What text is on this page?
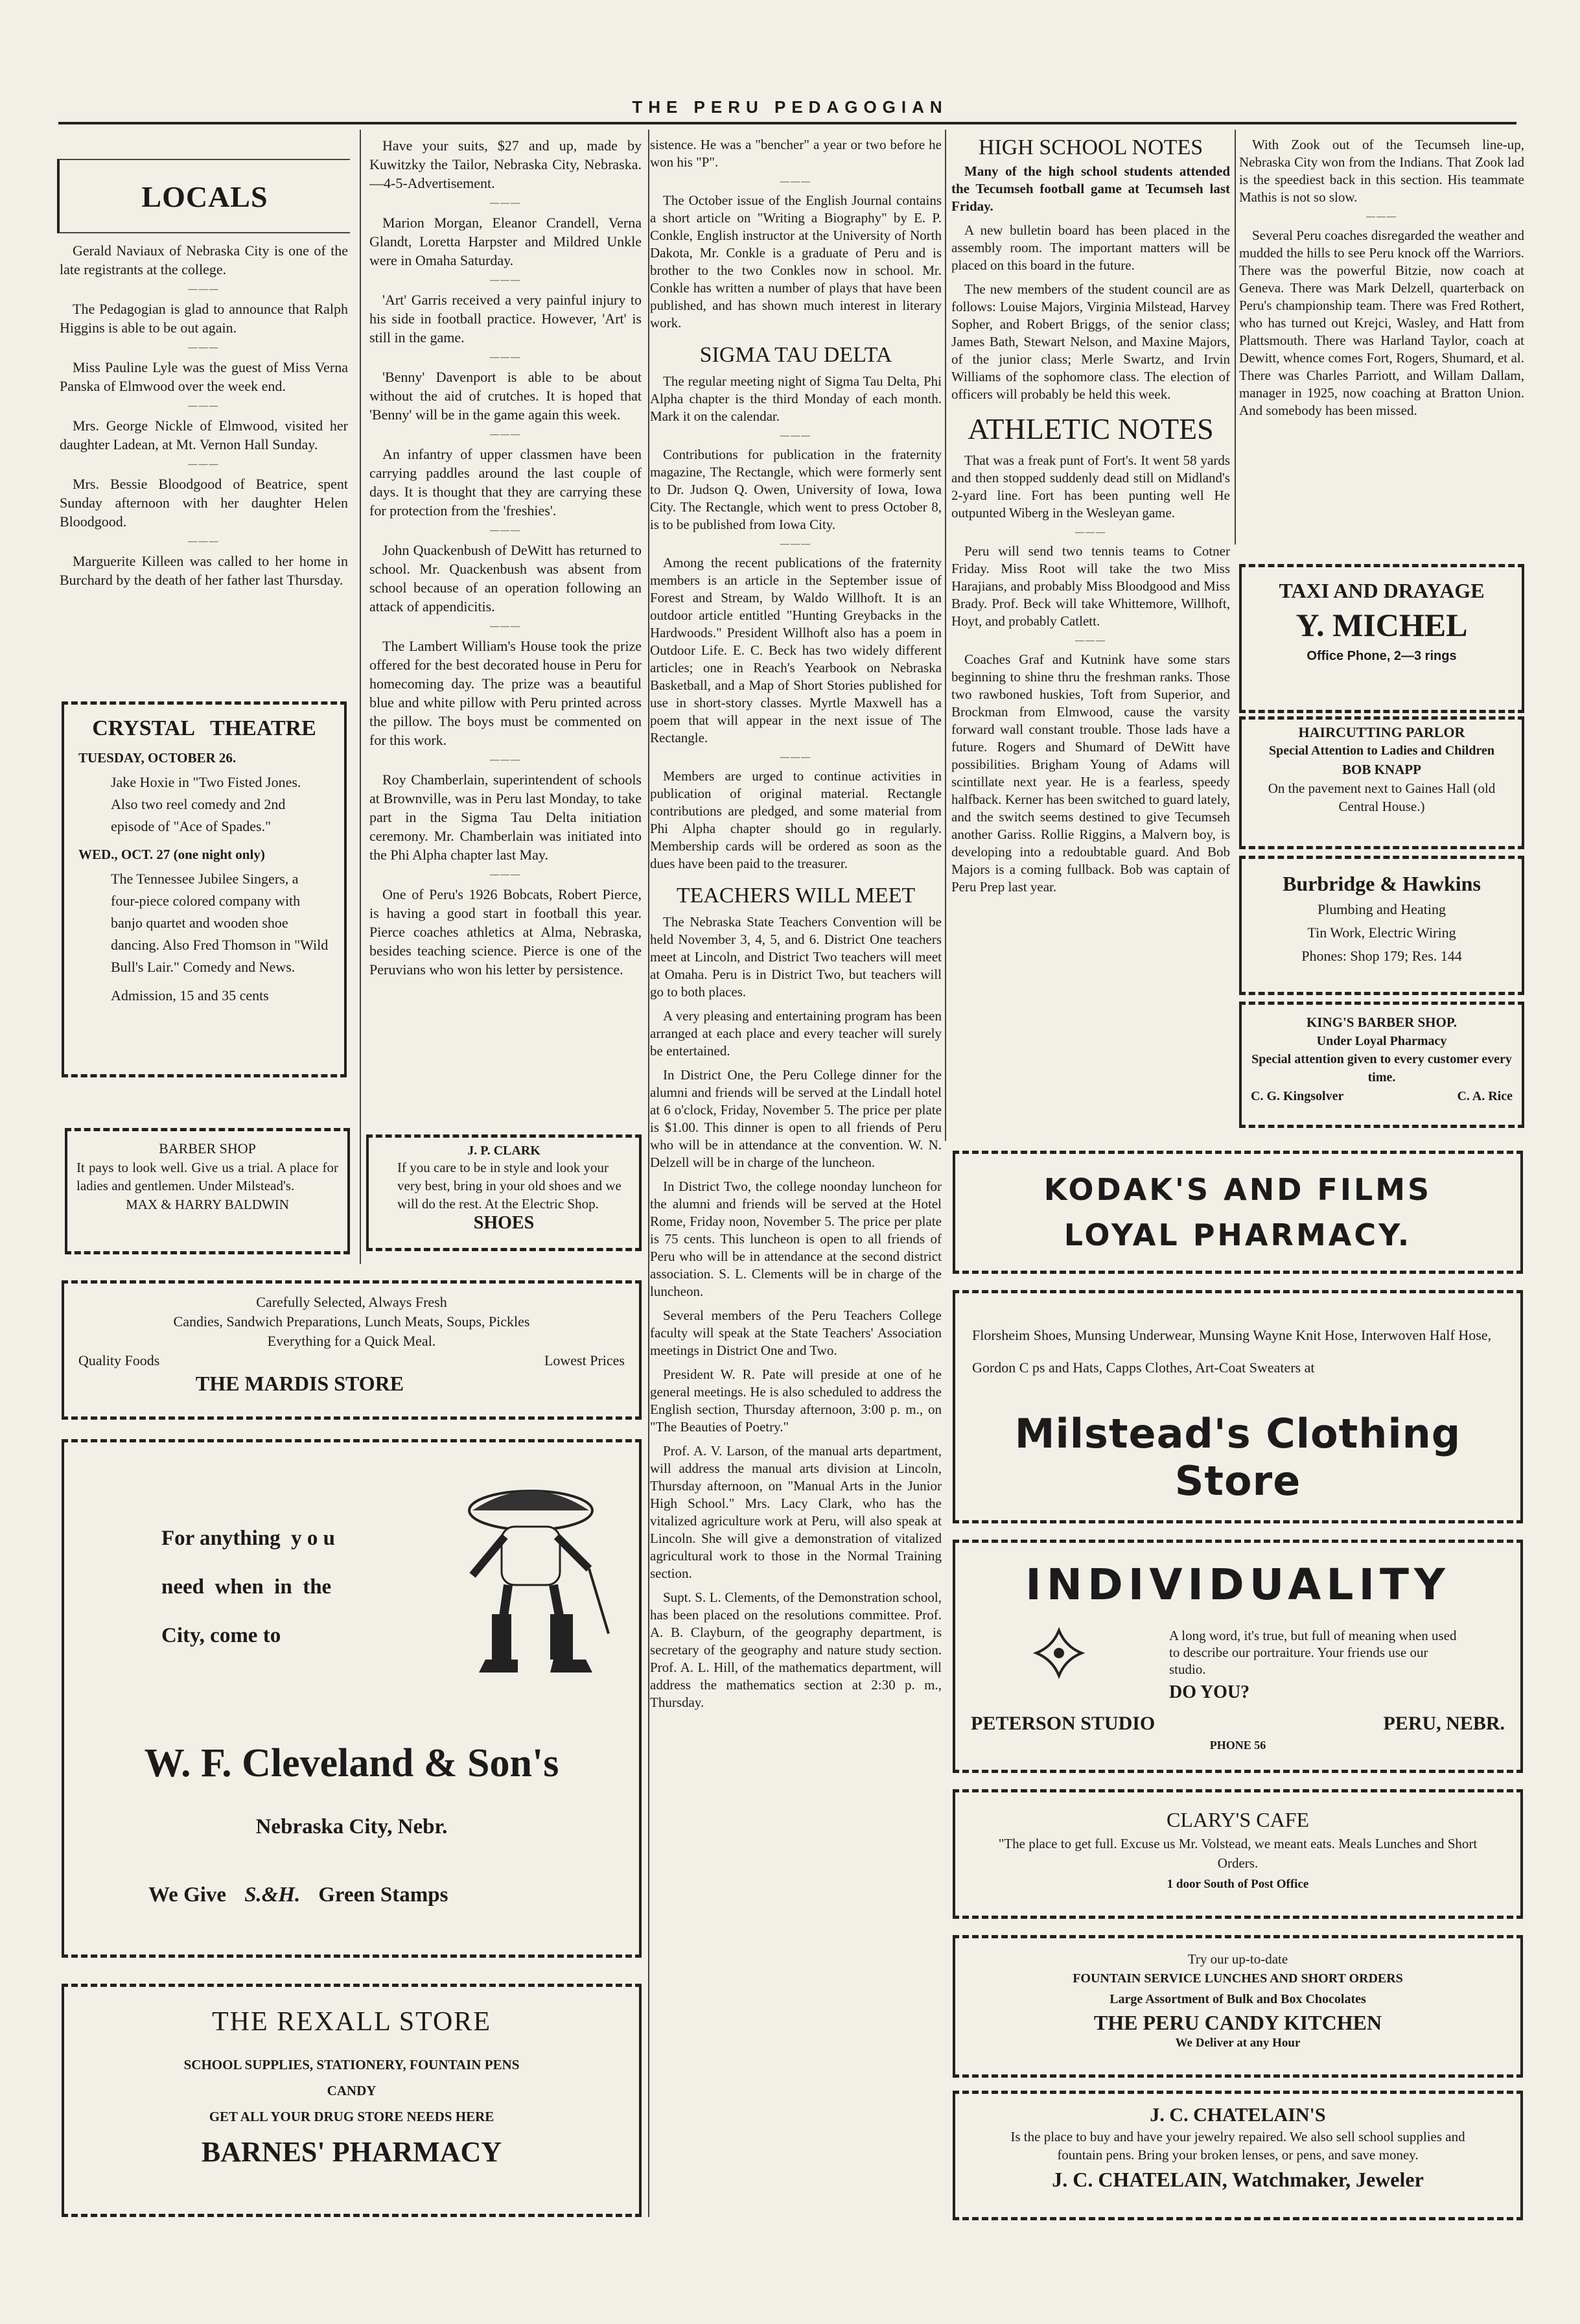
THE PERU PEDAGOGIAN
LOCALS

Gerald Naviaux of Nebraska City is one of the late registrants at the college.

———

The Pedagogian is glad to announce that Ralph Higgins is able to be out again.

———

Miss Pauline Lyle was the guest of Miss Verna Panska of Elmwood over the week end.

———

Mrs. George Nickle of Elmwood, visited her daughter Ladean, at Mt. Vernon Hall Sunday.

———

Mrs. Bessie Bloodgood of Beatrice, spent Sunday afternoon with her daughter Helen Bloodgood.

———

Marguerite Killeen was called to her home in Burchard by the death of her father last Thursday.

CRYSTAL   THEATRE
TUESDAY, OCTOBER 26.
Jake Hoxie in "Two Fisted Jones. Also two reel comedy and 2nd episode of "Ace of Spades."
WED., OCT. 27 (one night only)
The Tennessee Jubilee Singers, a four-piece colored company with banjo quartet and wooden shoe dancing. Also Fred Thomson in "Wild Bull's Lair." Comedy and News.
Admission, 15 and 35 cents
BARBER SHOP
It pays to look well. Give us a trial. A place for ladies and gentlemen. Under Milstead's.
MAX & HARRY BALDWIN

Have your suits, $27 and up, made by Kuwitzky the Tailor, Nebraska City, Nebraska.—4-5-Advertisement.

———

Marion Morgan, Eleanor Crandell, Verna Glandt, Loretta Harpster and Mildred Unkle were in Omaha Saturday.

———

'Art' Garris received a very painful injury to his side in football practice. However, 'Art' is still in the game.

———

'Benny' Davenport is able to be about without the aid of crutches. It is hoped that 'Benny' will be in the game again this week.

———

An infantry of upper classmen have been carrying paddles around the last couple of days. It is thought that they are carrying these for protection from the 'freshies'.

———

John Quackenbush of DeWitt has returned to school. Mr. Quackenbush was absent from school because of an operation following an attack of appendicitis.

———

The Lambert William's House took the prize offered for the best decorated house in Peru for homecoming day. The prize was a beautiful blue and white pillow with Peru printed across the pillow. The boys must be commented on for this work.

———

Roy Chamberlain, superintendent of schools at Brownville, was in Peru last Monday, to take part in the Sigma Tau Delta initiation ceremony. Mr. Chamberlain was initiated into the Phi Alpha chapter last May.

———

One of Peru's 1926 Bobcats, Robert Pierce, is having a good start in football this year. Pierce coaches athletics at Alma, Nebraska, besides teaching science. Pierce is one of the Peruvians who won his letter by persistence.

J. P. CLARK
If you care to be in style and look your very best, bring in your old shoes and we will do the rest. At the Electric Shop.
SHOES
Carefully Selected, Always Fresh
Candies, Sandwich Preparations, Lunch Meats, Soups, Pickles
Everything for a Quick Meal.
Quality Foods	Lowest Prices
THE MARDIS STORE
For anything  y o u
need  when  in  the
City, come to
W. F. Cleveland & Son's
Nebraska City, Nebr.
We Give S.&H. Green Stamps
THE REXALL STORE
SCHOOL SUPPLIES, STATIONERY, FOUNTAIN PENS
CANDY
GET ALL YOUR DRUG STORE NEEDS HERE
BARNES' PHARMACY

sistence. He was a "bencher" a year or two before he won his "P".

———

The October issue of the English Journal contains a short article on "Writing a Biography" by E. P. Conkle, English instructor at the University of North Dakota, Mr. Conkle is a graduate of Peru and is brother to the two Conkles now in school. Mr. Conkle has written a number of plays that have been published, and has shown much interest in literary work.

SIGMA TAU DELTA

The regular meeting night of Sigma Tau Delta, Phi Alpha chapter is the third Monday of each month. Mark it on the calendar.

———

Contributions for publication in the fraternity magazine, The Rectangle, which were formerly sent to Dr. Judson Q. Owen, University of Iowa, Iowa City. The Rectangle, which went to press October 8, is to be published from Iowa City.

———

Among the recent publications of the fraternity members is an article in the September issue of Forest and Stream, by Waldo Willhoft. It is an outdoor article entitled "Hunting Greybacks in the Hardwoods." President Willhoft also has a poem in Outdoor Life. E. C. Beck has two widely different articles; one in Reach's Yearbook on Nebraska Basketball, and a Map of Short Stories published for use in short-story classes. Myrtle Maxwell has a poem that will appear in the next issue of The Rectangle.

———

Members are urged to continue activities in publication of original material. Rectangle contributions are pledged, and some material from Phi Alpha chapter should go in regularly. Membership cards will be ordered as soon as the dues have been paid to the treasurer.

TEACHERS WILL MEET

The Nebraska State Teachers Convention will be held November 3, 4, 5, and 6. District One teachers meet at Lincoln, and District Two teachers will meet at Omaha. Peru is in District Two, but teachers will go to both places.

A very pleasing and entertaining program has been arranged at each place and every teacher will surely be entertained.

In District One, the Peru College dinner for the alumni and friends will be served at the Lindall hotel at 6 o'clock, Friday, November 5. The price per plate is $1.00. This dinner is open to all friends of Peru who will be in attendance at the convention. W. N. Delzell will be in charge of the luncheon.

In District Two, the college noonday luncheon for the alumni and friends will be served at the Hotel Rome, Friday noon, November 5. The price per plate is 75 cents. This luncheon is open to all friends of Peru who will be in attendance at the second district association. S. L. Clements will be in charge of the luncheon.

Several members of the Peru Teachers College faculty will speak at the State Teachers' Association meetings in District One and Two.

President W. R. Pate will preside at one of he general meetings. He is also scheduled to address the English section, Thursday afternoon, 3:00 p. m., on "The Beauties of Poetry."

Prof. A. V. Larson, of the manual arts department, will address the manual arts division at Lincoln, Thursday afternoon, on "Manual Arts in the Junior High School." Mrs. Lacy Clark, who has the vitalized agriculture work at Peru, will also speak at Lincoln. She will give a demonstration of vitalized agricultural work to those in the Normal Training section.

Supt. S. L. Clements, of the Demonstration school, has been placed on the resolutions committee. Prof. A. B. Clayburn, of the geography department, is secretary of the geography and nature study section. Prof. A. L. Hill, of the mathematics department, will address the mathematics section at 2:30 p. m., Thursday.

HIGH SCHOOL NOTES

Many of the high school students attended the Tecumseh football game at Tecumseh last Friday.

A new bulletin board has been placed in the assembly room. The important matters will be placed on this board in the future.

The new members of the student council are as follows: Louise Majors, Virginia Milstead, Harvey Sopher, and Robert Briggs, of the senior class; James Bath, Stewart Nelson, and Maxine Majors, of the junior class; Merle Swartz, and Irvin Williams of the sophomore class. The election of officers will probably be held this week.

ATHLETIC NOTES

That was a freak punt of Fort's. It went 58 yards and then stopped suddenly dead still on Midland's 2-yard line. Fort has been punting well He outpunted Wiberg in the Wesleyan game.

———

Peru will send two tennis teams to Cotner Friday. Miss Root will take the two Miss Harajians, and probably Miss Bloodgood and Miss Brady. Prof. Beck will take Whittemore, Willhoft, Hoyt, and probably Catlett.

———

Coaches Graf and Kutnink have some stars beginning to shine thru the freshman ranks. Those two rawboned huskies, Toft from Superior, and Brockman from Elmwood, cause the varsity forward wall constant trouble. Those lads have a future. Rogers and Shumard of DeWitt have possibilities. Brigham Young of Adams will scintillate next year. He is a fearless, speedy halfback. Kerner has been switched to guard lately, and the switch seems destined to give Tecumseh another Gariss. Rollie Riggins, a Malvern boy, is developing into a redoubtable guard. And Bob Majors is a coming fullback. Bob was captain of Peru Prep last year.

With Zook out of the Tecumseh line-up, Nebraska City won from the Indians. That Zook lad is the speediest back in this section. His teammate Mathis is not so slow.

———

Several Peru coaches disregarded the weather and mudded the hills to see Peru knock off the Warriors. There was the powerful Bitzie, now coach at Geneva. There was Mark Delzell, quarterback on Peru's championship team. There was Fred Rothert, who has turned out Krejci, Wasley, and Hatt from Plattsmouth. There was Harland Taylor, coach at Dewitt, whence comes Fort, Rogers, Shumard, et al. There was Charles Parriott, and Willam Dallam, manager in 1925, now coaching at Bratton Union. And somebody has been missed.

TAXI AND DRAYAGE
Y. MICHEL
Office Phone, 2—3 rings
HAIRCUTTING PARLOR
Special Attention to Ladies and Children
BOB KNAPP
On the pavement next to Gaines Hall (old Central House.)
Burbridge & Hawkins
Plumbing and Heating
Tin Work, Electric Wiring
Phones: Shop 179; Res. 144
KING'S BARBER SHOP.
Under Loyal Pharmacy
Special attention given to every customer every time.
C. G. Kingsolver	C. A. Rice
KODAK'S AND FILMS
LOYAL PHARMACY.
Florsheim Shoes, Munsing Underwear, Munsing Wayne Knit Hose, Interwoven Half Hose, Gordon C ps and Hats, Capps Clothes, Art-Coat Sweaters at
Milstead's Clothing Store
INDIVIDUALITY
A long word, it's true, but full of meaning when used to describe our portraiture. Your friends use our studio.
DO YOU?
PETERSON STUDIO	PERU, NEBR.
PHONE 56
CLARY'S CAFE
"The place to get full. Excuse us Mr. Volstead, we meant eats. Meals Lunches and Short Orders.
1 door South of Post Office
Try our up-to-date
FOUNTAIN SERVICE LUNCHES AND SHORT ORDERS
Large Assortment of Bulk and Box Chocolates
THE PERU CANDY KITCHEN
We Deliver at any Hour
J. C. CHATELAIN'S
Is the place to buy and have your jewelry repaired. We also sell school supplies and fountain pens. Bring your broken lenses, or pens, and save money.
J. C. CHATELAIN, Watchmaker, Jeweler
